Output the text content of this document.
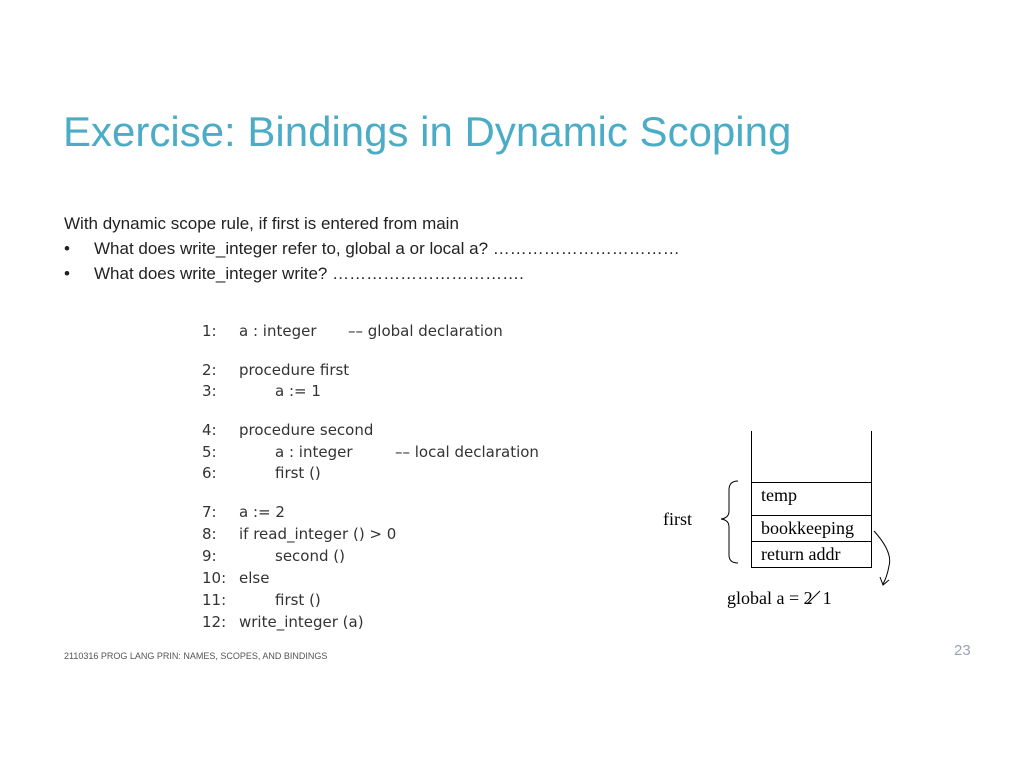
Exercise: Bindings in Dynamic Scoping
With dynamic scope rule, if first is entered from main
•	What does write_integer refer to, global a or local a? ……………………………
•	What does write_integer write? …………………………….
1: a : integer –– global declaration
2: procedure first
3:	a := 1
4: procedure second
5:	a : integer	–– local declaration
6:	first ()
7: a := 2
8: if read_integer () > 0
9:	second ()
10: else
11:	first ()
12: write_integer (a)
temp
bookkeeping
return addr
first
global a = 2 1
2110316 PROG LANG PRIN: NAMES, SCOPES, AND BINDINGS	23
